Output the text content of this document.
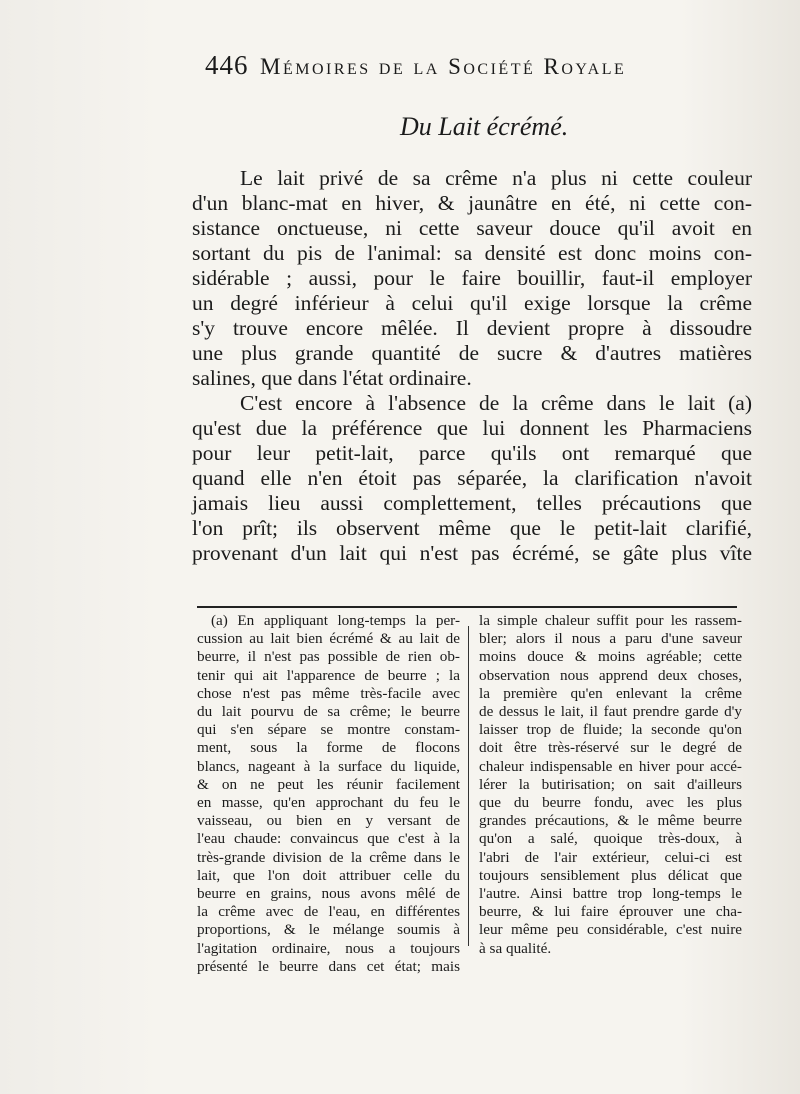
446 Mémoires de la Société Royale
Du Lait écrémé.
Le lait privé de sa crême n'a plus ni cette couleur
d'un blanc-mat en hiver, & jaunâtre en été, ni cette con-
sistance onctueuse, ni cette saveur douce qu'il avoit en
sortant du pis de l'animal: sa densité est donc moins con-
sidérable ; aussi, pour le faire bouillir, faut-il employer
un degré inférieur à celui qu'il exige lorsque la crême
s'y trouve encore mêlée. Il devient propre à dissoudre
une plus grande quantité de sucre & d'autres matières
salines, que dans l'état ordinaire.
C'est encore à l'absence de la crême dans le lait (a)
qu'est due la préférence que lui donnent les Pharmaciens
pour leur petit-lait, parce qu'ils ont remarqué que
quand elle n'en étoit pas séparée, la clarification n'avoit
jamais lieu aussi complettement, telles précautions que
l'on prît; ils observent même que le petit-lait clarifié,
provenant d'un lait qui n'est pas écrémé, se gâte plus vîte
(a) En appliquant long-temps la per-
cussion au lait bien écrémé & au lait de
beurre, il n'est pas possible de rien ob-
tenir qui ait l'apparence de beurre ; la
chose n'est pas même très-facile avec
du lait pourvu de sa crême; le beurre
qui s'en sépare se montre constam-
ment, sous la forme de flocons
blancs, nageant à la surface du liquide,
& on ne peut les réunir facilement
en masse, qu'en approchant du feu le
vaisseau, ou bien en y versant de
l'eau chaude: convaincus que c'est à la
très-grande division de la crême dans le
lait, que l'on doit attribuer celle du
beurre en grains, nous avons mêlé de
la crême avec de l'eau, en différentes
proportions, & le mélange soumis à
l'agitation ordinaire, nous a toujours
présenté le beurre dans cet état; mais
la simple chaleur suffit pour les rassem-
bler; alors il nous a paru d'une saveur
moins douce & moins agréable; cette
observation nous apprend deux choses,
la première qu'en enlevant la crême
de dessus le lait, il faut prendre garde d'y
laisser trop de fluide; la seconde qu'on
doit être très-réservé sur le degré de
chaleur indispensable en hiver pour accé-
lérer la butirisation; on sait d'ailleurs
que du beurre fondu, avec les plus
grandes précautions, & le même beurre
qu'on a salé, quoique très-doux, à
l'abri de l'air extérieur, celui-ci est
toujours sensiblement plus délicat que
l'autre. Ainsi battre trop long-temps le
beurre, & lui faire éprouver une cha-
leur même peu considérable, c'est nuire
à sa qualité.
